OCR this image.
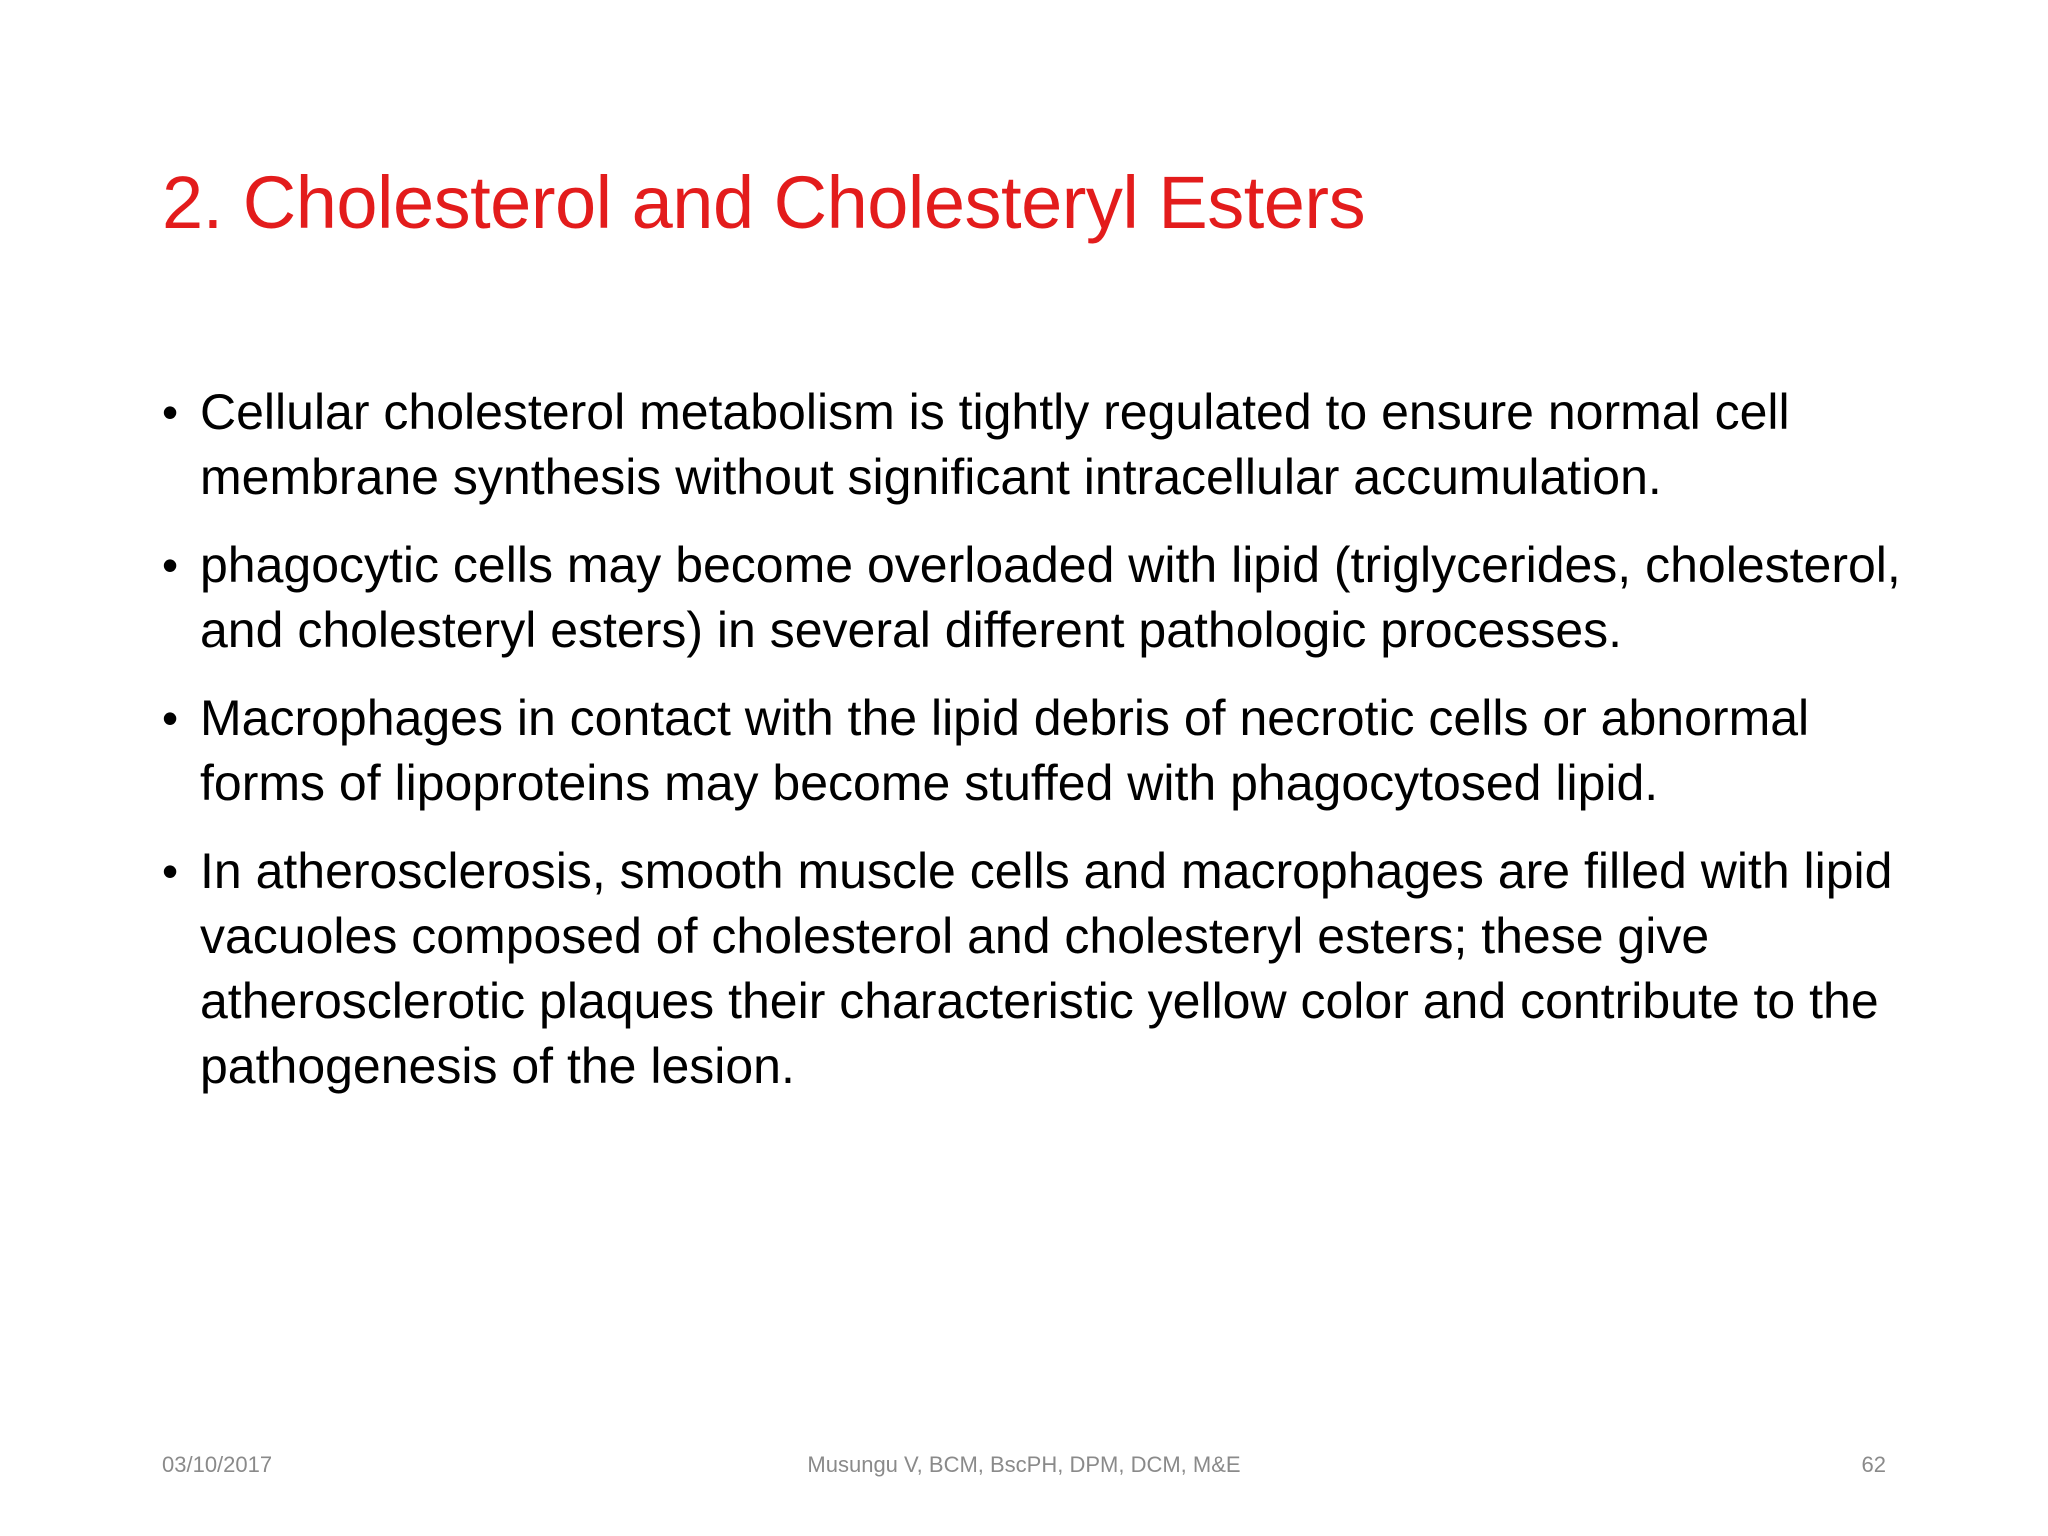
2. Cholesterol and Cholesteryl Esters
• Cellular cholesterol metabolism is tightly regulated to ensure normal cell membrane synthesis without significant intracellular accumulation.
• phagocytic cells may become overloaded with lipid (triglycerides, cholesterol, and cholesteryl esters) in several different pathologic processes.
• Macrophages in contact with the lipid debris of necrotic cells or abnormal forms of lipoproteins may become stuffed with phagocytosed lipid.
• In atherosclerosis, smooth muscle cells and macrophages are filled with lipid vacuoles composed of cholesterol and cholesteryl esters; these give atherosclerotic plaques their characteristic yellow color and contribute to the pathogenesis of the lesion.
03/10/2017	Musungu V, BCM, BscPH, DPM, DCM, M&E	62
